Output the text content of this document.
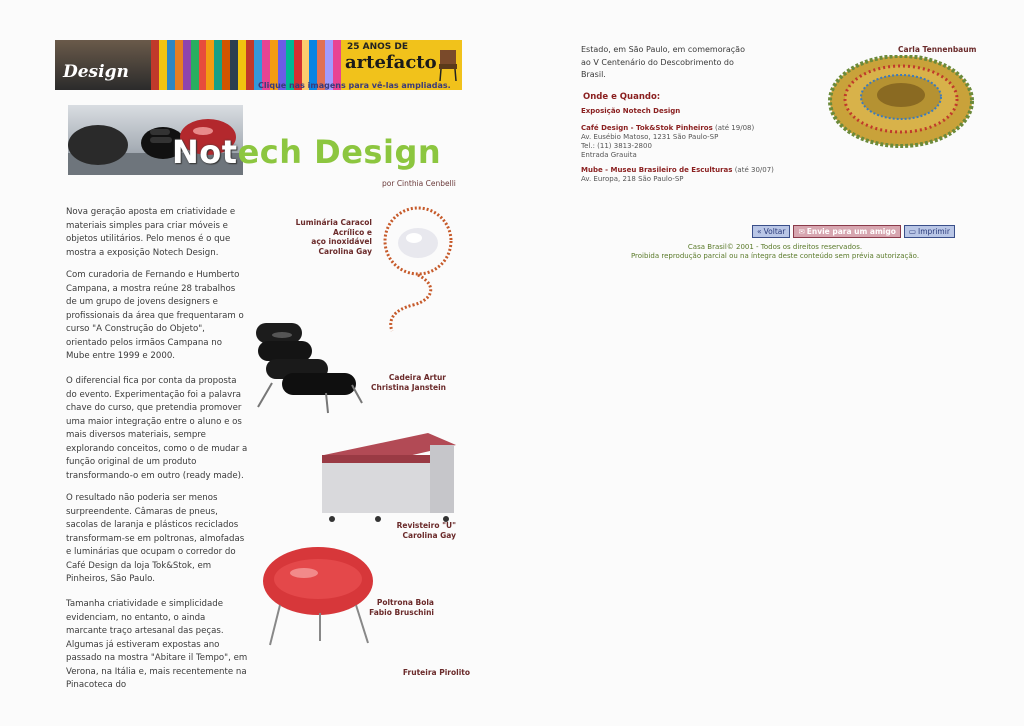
Design
25 ANOS DE
artefacto
Clique nas imagens para vê-las ampliadas.
Notech Design
por Cinthia Cenbelli

Nova geração aposta em criatividade e materiais simples para criar móveis e objetos utilitários. Pelo menos é o que mostra a exposição Notech Design.

Com curadoria de Fernando e Humberto Campana, a mostra reúne 28 trabalhos de um grupo de jovens designers e profissionais da área que frequentaram o curso "A Construção do Objeto", orientado pelos irmãos Campana no Mube entre 1999 e 2000.

O diferencial fica por conta da proposta do evento. Experimentação foi a palavra chave do curso, que pretendia promover uma maior integração entre o aluno e os mais diversos materiais, sempre explorando conceitos, como o de mudar a função original de um produto transformando-o em outro (ready made).

O resultado não poderia ser menos surpreendente. Câmaras de pneus, sacolas de laranja e plásticos reciclados transformam-se em poltronas, almofadas e luminárias que ocupam o corredor do Café Design da loja Tok&Stok, em Pinheiros, São Paulo.

Tamanha criatividade e simplicidade evidenciam, no entanto, o ainda marcante traço artesanal das peças. Algumas já estiveram expostas ano passado na mostra "Abitare il Tempo", em Verona, na Itália e, mais recentemente na Pinacoteca do

Luminária Caracol
Acrílico e
aço inoxidável
Carolina Gay

Cadeira Artur
Christina Janstein

Revisteiro "U"
Carolina Gay

Poltrona Bola
Fabio Bruschini

Fruteira Pirolito

Estado, em São Paulo, em comemoração ao V Centenário do Descobrimento do Brasil.

Onde e Quando:
Exposição Notech Design
Café Design - Tok&Stok Pinheiros (até 19/08)
Av. Eusébio Matoso, 1231 São Paulo-SP
Tel.: (11) 3813-2800
Entrada Grauita
Mube - Museu Brasileiro de Esculturas (até 30/07)
Av. Europa, 218 São Paulo-SP
Carla Tennenbaum
« Voltar ✉ Envie para um amigo ▭ Imprimir

Casa Brasil© 2001 - Todos os direitos reservados.

Proibida reprodução parcial ou na íntegra deste conteúdo sem prévia autorização.
